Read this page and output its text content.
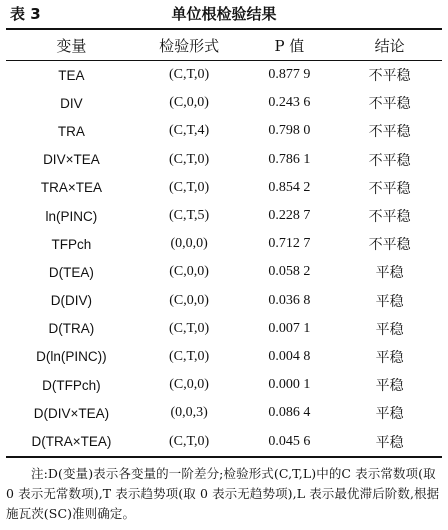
表 3	单位根检验结果
变量	检验形式	P 值	结论
TEA	(C,T,0)	0.877 9	不平稳
DIV	(C,0,0)	0.243 6	不平稳
TRA	(C,T,4)	0.798 0	不平稳
DIV×TEA	(C,T,0)	0.786 1	不平稳
TRA×TEA	(C,T,0)	0.854 2	不平稳
ln(PINC)	(C,T,5)	0.228 7	不平稳
TFPch	(0,0,0)	0.712 7	不平稳
D(TEA)	(C,0,0)	0.058 2	平稳
D(DIV)	(C,0,0)	0.036 8	平稳
D(TRA)	(C,T,0)	0.007 1	平稳
D(ln(PINC))	(C,T,0)	0.004 8	平稳
D(TFPch)	(C,0,0)	0.000 1	平稳
D(DIV×TEA)	(0,0,3)	0.086 4	平稳
D(TRA×TEA)	(C,T,0)	0.045 6	平稳
注:D(变量)表示各变量的一阶差分;检验形式(C,T,L)中的C 表示常数项(取 0 表示无常数项),T 表示趋势项(取 0 表示无趋势项),L 表示最优滞后阶数,根据施瓦茨(SC)准则确定。
